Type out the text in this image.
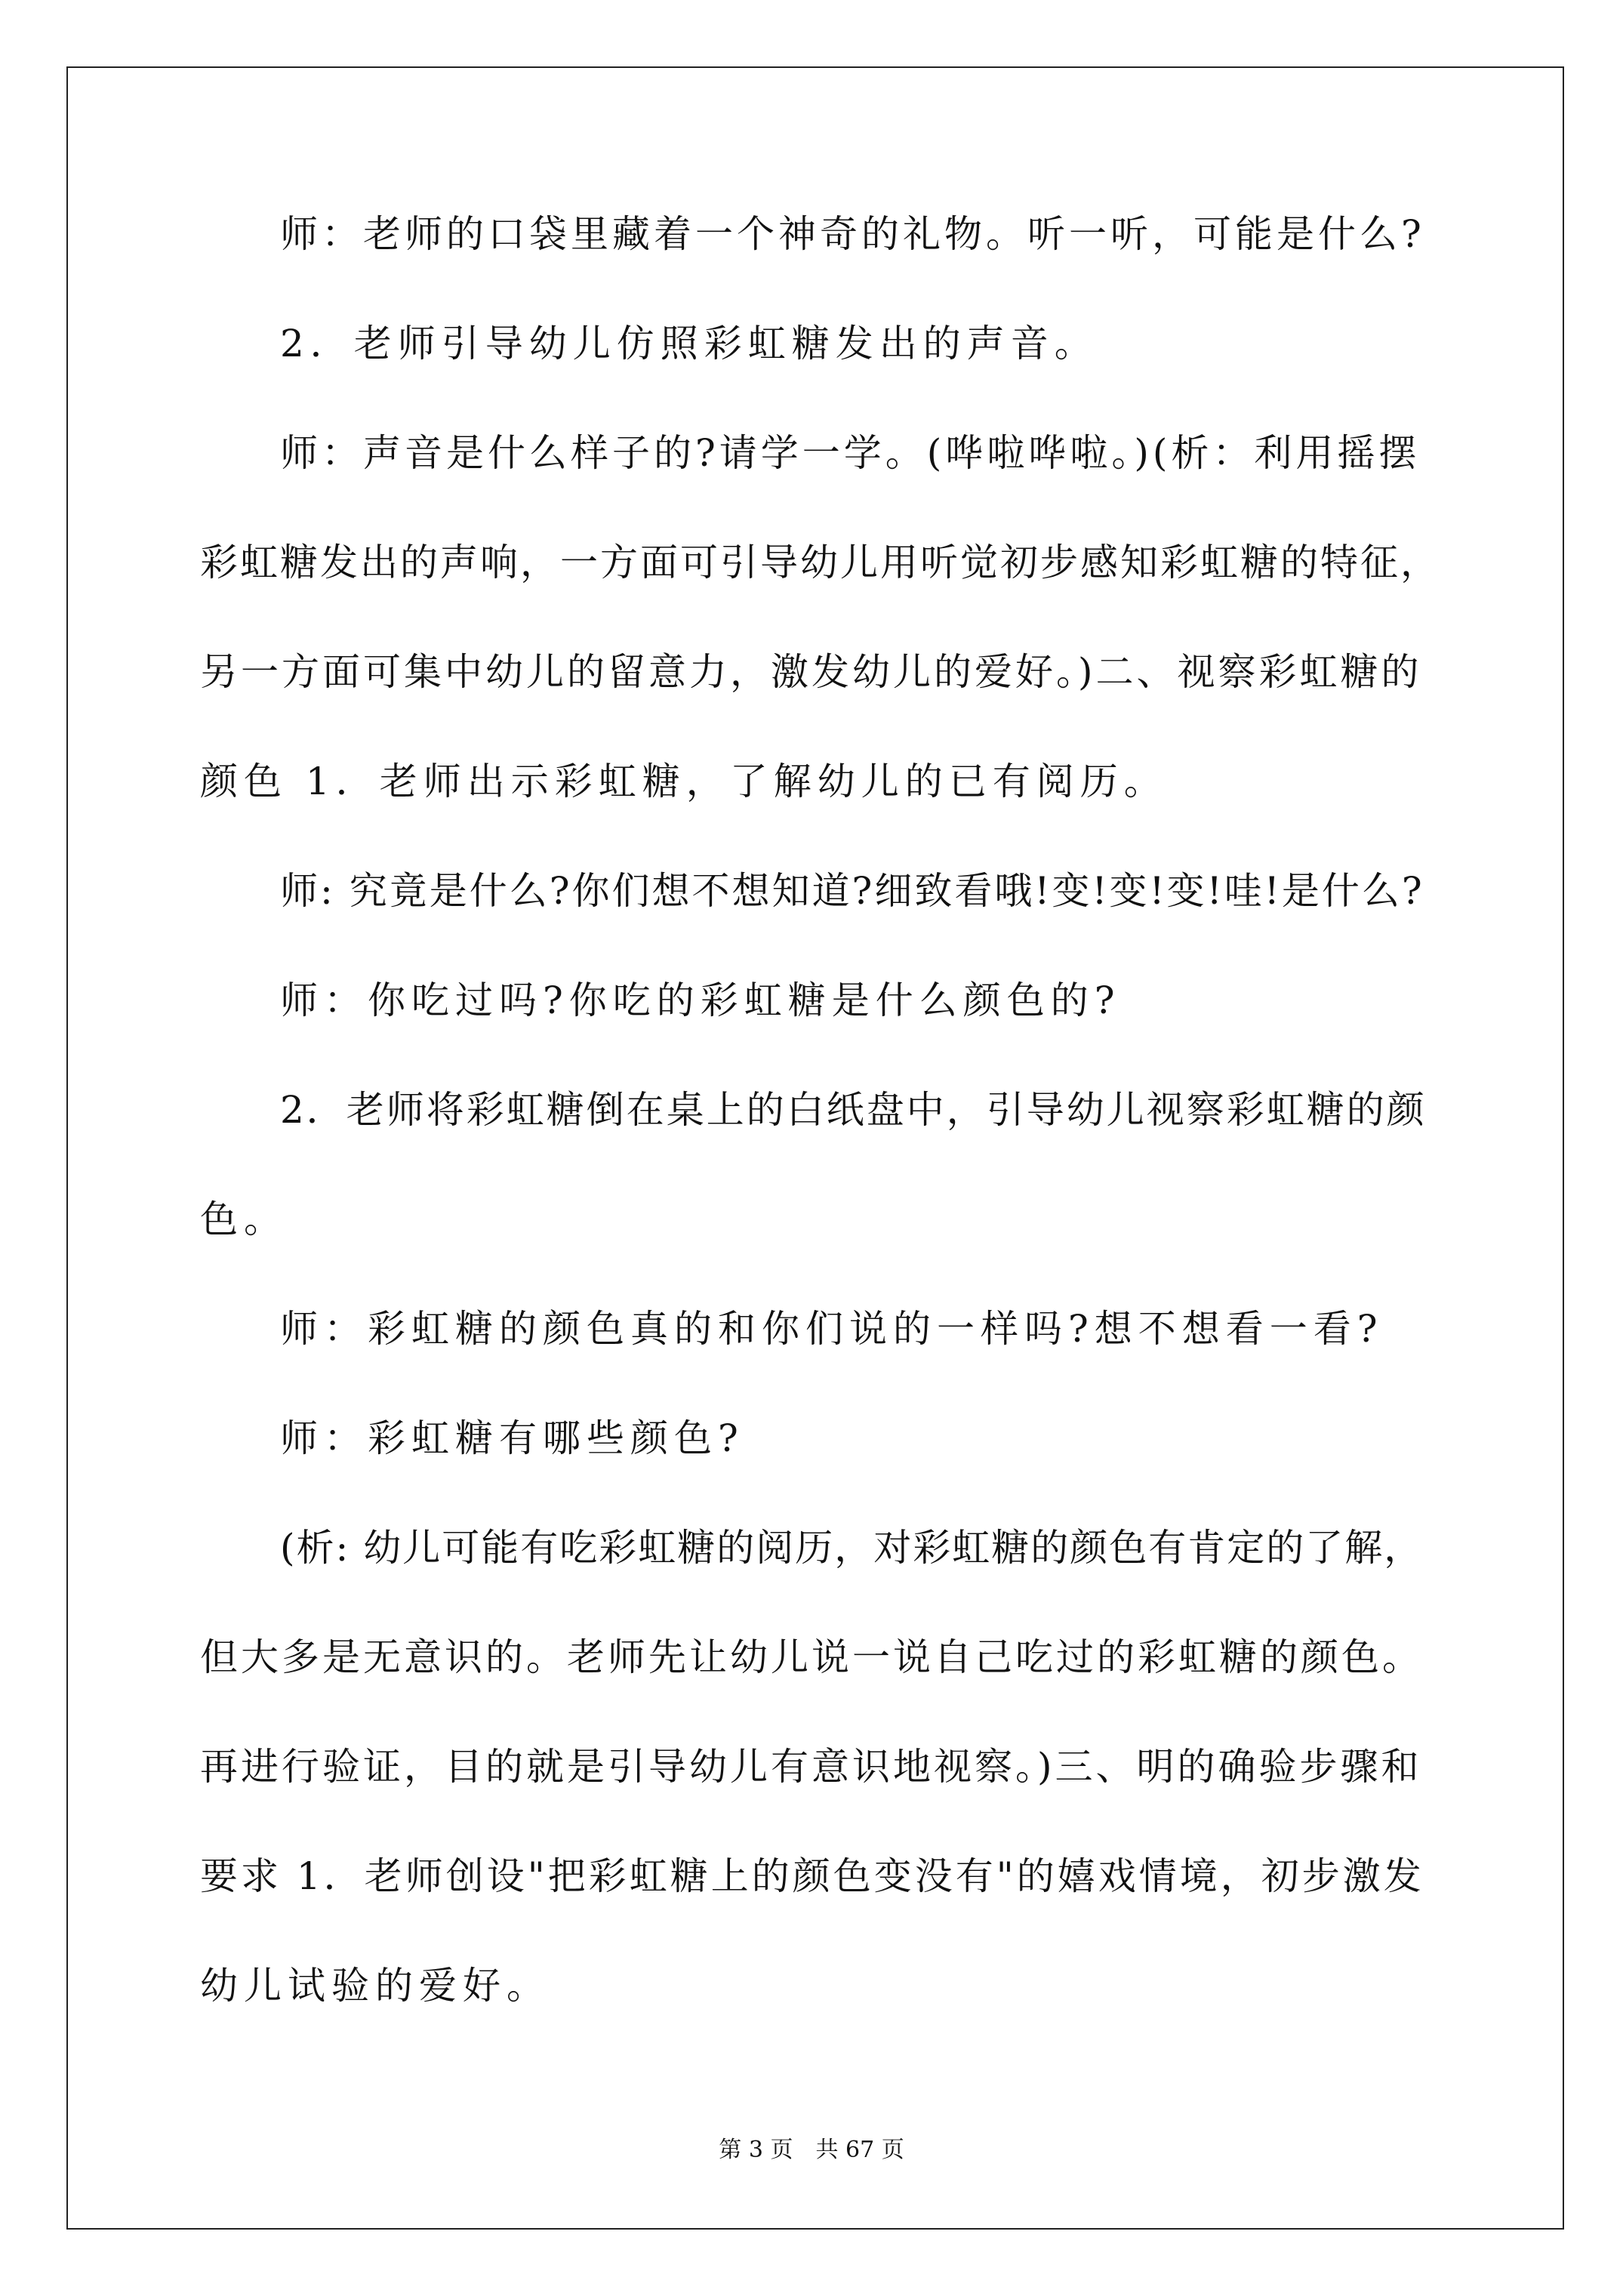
师：老师的口袋里藏着一个神奇的礼物。听一听，可能是什么?
2．老师引导幼儿仿照彩虹糖发出的声音。
师：声音是什么样子的?请学一学。(哗啦哗啦。)(析：利用摇摆
彩虹糖发出的声响，一方面可引导幼儿用听觉初步感知彩虹糖的特征，
另一方面可集中幼儿的留意力，激发幼儿的爱好。)二、视察彩虹糖的
颜色 1．老师出示彩虹糖，了解幼儿的已有阅历。
师: 究竟是什么?你们想不想知道?细致看哦!变!变!变!哇!是什么?
师：你吃过吗?你吃的彩虹糖是什么颜色的?
2．老师将彩虹糖倒在桌上的白纸盘中，引导幼儿视察彩虹糖的颜
色。
师：彩虹糖的颜色真的和你们说的一样吗?想不想看一看?
师：彩虹糖有哪些颜色?
(析: 幼儿可能有吃彩虹糖的阅历，对彩虹糖的颜色有肯定的了解，
但大多是无意识的。老师先让幼儿说一说自己吃过的彩虹糖的颜色。
再进行验证，目的就是引导幼儿有意识地视察。)三、明的确验步骤和
要求 1．老师创设"把彩虹糖上的颜色变没有"的嬉戏情境，初步激发
幼儿试验的爱好。
第 3 页　共 67 页
